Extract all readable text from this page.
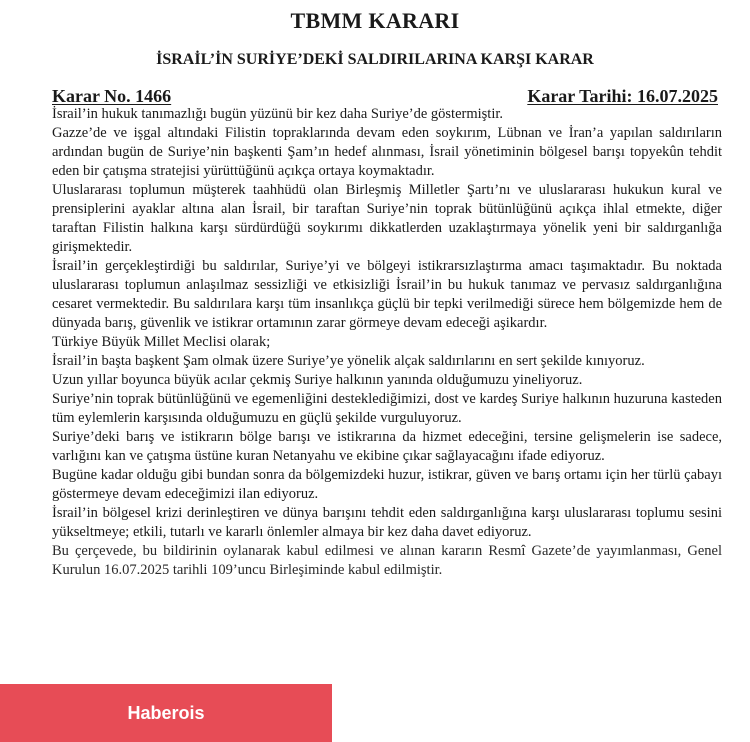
TBMM KARARI
İSRAİL’İN SURİYE’DEKİ SALDIRILARINA KARŞI KARAR
Karar No. 1466	Karar Tarihi: 16.07.2025

İsrail’in hukuk tanımazlığı bugün yüzünü bir kez daha Suriye’de göstermiştir.

Gazze’de ve işgal altındaki Filistin topraklarında devam eden soykırım, Lübnan ve İran’a yapılan saldırıların ardından bugün de Suriye’nin başkenti Şam’ın hedef alınması, İsrail yönetiminin bölgesel barışı topyekûn tehdit eden bir çatışma stratejisi yürüttüğünü açıkça ortaya koymaktadır.

Uluslararası toplumun müşterek taahhüdü olan Birleşmiş Milletler Şartı’nı ve uluslararası hukukun kural ve prensiplerini ayaklar altına alan İsrail, bir taraftan Suriye’nin toprak bütünlüğünü açıkça ihlal etmekte, diğer taraftan Filistin halkına karşı sürdürdüğü soykırımı dikkatlerden uzaklaştırmaya yönelik yeni bir saldırganlığa girişmektedir.

İsrail’in gerçekleştirdiği bu saldırılar, Suriye’yi ve bölgeyi istikrarsızlaştırma amacı taşımaktadır. Bu noktada uluslararası toplumun anlaşılmaz sessizliği ve etkisizliği İsrail’in bu hukuk tanımaz ve pervasız saldırganlığına cesaret vermektedir. Bu saldırılara karşı tüm insanlıkça güçlü bir tepki verilmediği sürece hem bölgemizde hem de dünyada barış, güvenlik ve istikrar ortamının zarar görmeye devam edeceği aşikardır.

Türkiye Büyük Millet Meclisi olarak;

İsrail’in başta başkent Şam olmak üzere Suriye’ye yönelik alçak saldırılarını en sert şekilde kınıyoruz.

Uzun yıllar boyunca büyük acılar çekmiş Suriye halkının yanında olduğumuzu yineliyoruz.

Suriye’nin toprak bütünlüğünü ve egemenliğini desteklediğimizi, dost ve kardeş Suriye halkının huzuruna kasteden tüm eylemlerin karşısında olduğumuzu en güçlü şekilde vurguluyoruz.

Suriye’deki barış ve istikrarın bölge barışı ve istikrarına da hizmet edeceğini, tersine gelişmelerin ise sadece, varlığını kan ve çatışma üstüne kuran Netanyahu ve ekibine çıkar sağlayacağını ifade ediyoruz.

Bugüne kadar olduğu gibi bundan sonra da bölgemizdeki huzur, istikrar, güven ve barış ortamı için her türlü çabayı göstermeye devam edeceğimizi ilan ediyoruz.

İsrail’in bölgesel krizi derinleştiren ve dünya barışını tehdit eden saldırganlığına karşı uluslararası toplumu sesini yükseltmeye; etkili, tutarlı ve kararlı önlemler almaya bir kez daha davet ediyoruz.

Bu çerçevede, bu bildirinin oylanarak kabul edilmesi ve alınan kararın Resmî Gazete’de yayımlanması, Genel Kurulun 16.07.2025 tarihli 109’uncu Birleşiminde kabul edilmiştir.

Haberois
